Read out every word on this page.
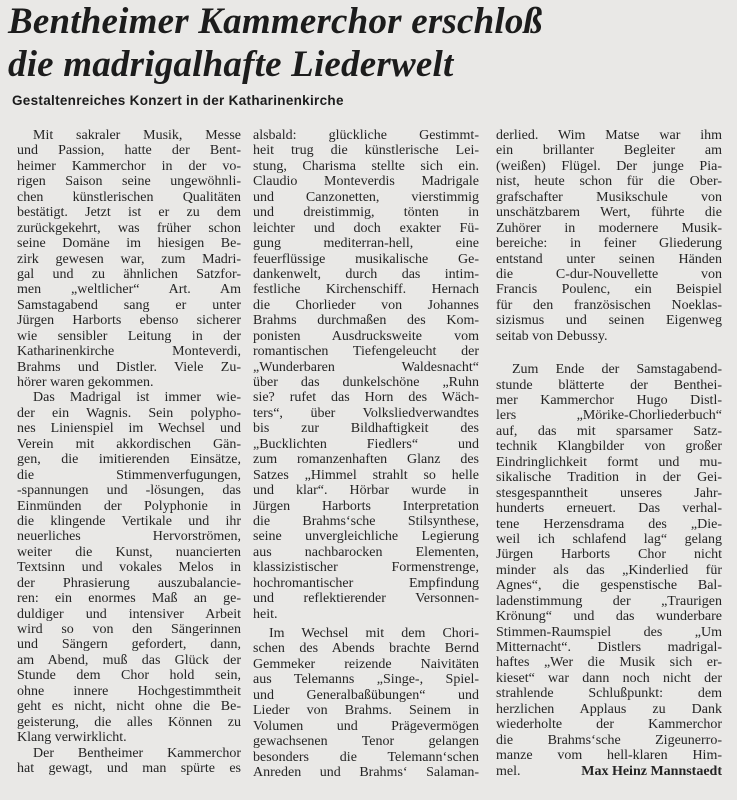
Bentheimer Kammerchor erschloß
die madrigalhafte Liederwelt
Gestaltenreiches Konzert in der Katharinenkirche
Mit sakraler Musik, Messe
und Passion, hatte der Bent-
heimer Kammerchor in der vo-
rigen Saison seine ungewöhnli-
chen künstlerischen Qualitäten
bestätigt. Jetzt ist er zu dem
zurückgekehrt, was früher schon
seine Domäne im hiesigen Be-
zirk gewesen war, zum Madri-
gal und zu ähnlichen Satzfor-
men „weltlicher“ Art. Am
Samstagabend sang er unter
Jürgen Harborts ebenso sicherer
wie sensibler Leitung in der
Katharinenkirche Monteverdi,
Brahms und Distler. Viele Zu-
hörer waren gekommen.
Das Madrigal ist immer wie-
der ein Wagnis. Sein polypho-
nes Linienspiel im Wechsel und
Verein mit akkordischen Gän-
gen, die imitierenden Einsätze,
die Stimmenverfugungen,
-spannungen und -lösungen, das
Einmünden der Polyphonie in
die klingende Vertikale und ihr
neuerliches Hervorströmen,
weiter die Kunst, nuancierten
Textsinn und vokales Melos in
der Phrasierung auszubalancie-
ren: ein enormes Maß an ge-
duldiger und intensiver Arbeit
wird so von den Sängerinnen
und Sängern gefordert, dann,
am Abend, muß das Glück der
Stunde dem Chor hold sein,
ohne innere Hochgestimmtheit
geht es nicht, nicht ohne die Be-
geisterung, die alles Können zu
Klang verwirklicht.
Der Bentheimer Kammerchor
hat gewagt, und man spürte es
alsbald: glückliche Gestimmt-
heit trug die künstlerische Lei-
stung, Charisma stellte sich ein.
Claudio Monteverdis Madrigale
und Canzonetten, vierstimmig
und dreistimmig, tönten in
leichter und doch exakter Fü-
gung mediterran-hell, eine
feuerflüssige musikalische Ge-
dankenwelt, durch das intim-
festliche Kirchenschiff. Hernach
die Chorlieder von Johannes
Brahms durchmaßen des Kom-
ponisten Ausdrucksweite vom
romantischen Tiefengeleucht der
„Wunderbaren Waldesnacht“
über das dunkelschöne „Ruhn
sie? rufet das Horn des Wäch-
ters“, über Volksliedverwandtes
bis zur Bildhaftigkeit des
„Bucklichten Fiedlers“ und
zum romanzenhaften Glanz des
Satzes „Himmel strahlt so helle
und klar“. Hörbar wurde in
Jürgen Harborts Interpretation
die Brahms‘sche Stilsynthese,
seine unvergleichliche Legierung
aus nachbarocken Elementen,
klassizistischer Formenstrenge,
hochromantischer Empfindung
und reflektierender Versonnen-
heit.
Im Wechsel mit dem Chori-
schen des Abends brachte Bernd
Gemmeker reizende Naivitäten
aus Telemanns „Singe-, Spiel-
und Generalbaßübungen“ und
Lieder von Brahms. Seinem in
Volumen und Prägevermögen
gewachsenen Tenor gelangen
besonders die Telemann‘schen
Anreden und Brahms‘ Salaman-
derlied. Wim Matse war ihm
ein brillanter Begleiter am
(weißen) Flügel. Der junge Pia-
nist, heute schon für die Ober-
grafschafter Musikschule von
unschätzbarem Wert, führte die
Zuhörer in modernere Musik-
bereiche: in feiner Gliederung
entstand unter seinen Händen
die C-dur-Nouvellette von
Francis Poulenc, ein Beispiel
für den französischen Noeklas-
sizismus und seinen Eigenweg
seitab von Debussy.
Zum Ende der Samstagabend-
stunde blätterte der Benthei-
mer Kammerchor Hugo Distl-
lers „Mörike-Chorliederbuch“
auf, das mit sparsamer Satz-
technik Klangbilder von großer
Eindringlichkeit formt und mu-
sikalische Tradition in der Gei-
stesgespanntheit unseres Jahr-
hunderts erneuert. Das verhal-
tene Herzensdrama des „Die-
weil ich schlafend lag“ gelang
Jürgen Harborts Chor nicht
minder als das „Kinderlied für
Agnes“, die gespenstische Bal-
ladenstimmung der „Traurigen
Krönung“ und das wunderbare
Stimmen-Raumspiel des „Um
Mitternacht“. Distlers madrigal-
haftes „Wer die Musik sich er-
kieset“ war dann noch nicht der
strahlende Schlußpunkt: dem
herzlichen Applaus zu Dank
wiederholte der Kammerchor
die Brahms‘sche Zigeunerro-
manze vom hell-klaren Him-
mel.	Max Heinz Mannstaedt
